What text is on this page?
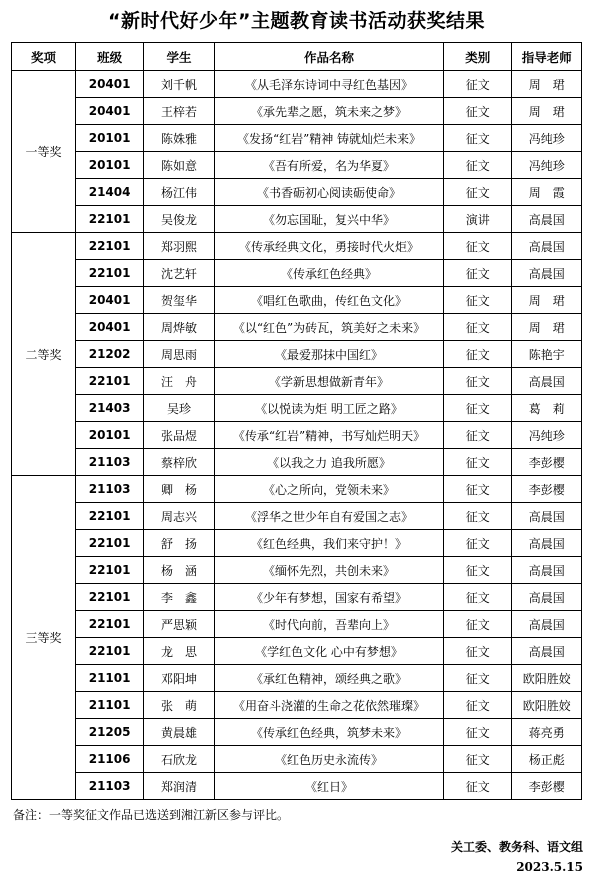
“新时代好少年”主题教育读书活动获奖结果
奖项	班级	学生	作品名称	类别	指导老师
一等奖	20401	刘千帆	《从毛泽东诗词中寻红色基因》	征文	周　珺
	20401	王梓若	《承先辈之愿，筑未来之梦》	征文	周　珺
	20101	陈姝雅	《发扬“红岩”精神 铸就灿烂未来》	征文	冯纯珍
	20101	陈如意	《吾有所爱，名为华夏》	征文	冯纯珍
	21404	杨江伟	《书香砺初心阅读砺使命》	征文	周　霞
	22101	吴俊龙	《勿忘国耻，复兴中华》	演讲	高晨国
二等奖	22101	郑羽熙	《传承经典文化，勇接时代火炬》	征文	高晨国
	22101	沈艺轩	《传承红色经典》	征文	高晨国
	20401	贺玺华	《唱红色歌曲，传红色文化》	征文	周　珺
	20401	周烨敏	《以“红色”为砖瓦，筑美好之未来》	征文	周　珺
	21202	周思雨	《最爱那抹中国红》	征文	陈艳宇
	22101	汪　舟	《学新思想做新青年》	征文	高晨国
	21403	吴珍	《以悦读为炬 明工匠之路》	征文	葛　莉
	20101	张品煜	《传承“红岩”精神，书写灿烂明天》	征文	冯纯珍
	21103	蔡梓欣	《以我之力 追我所愿》	征文	李彭樱
三等奖	21103	卿　杨	《心之所向，党领未来》	征文	李彭樱
	22101	周志兴	《浮华之世少年自有爱国之志》	征文	高晨国
	22101	舒　扬	《红色经典，我们来守护！》	征文	高晨国
	22101	杨　涵	《缅怀先烈，共创未来》	征文	高晨国
	22101	李　鑫	《少年有梦想，国家有希望》	征文	高晨国
	22101	严思颖	《时代向前，吾辈向上》	征文	高晨国
	22101	龙　思	《学红色文化 心中有梦想》	征文	高晨国
	21101	邓阳坤	《承红色精神，颂经典之歌》	征文	欧阳胜姣
	21101	张　萌	《用奋斗浇灌的生命之花依然璀璨》	征文	欧阳胜姣
	21205	黄晨雄	《传承红色经典，筑梦未来》	征文	蒋亮勇
	21106	石欣龙	《红色历史永流传》	征文	杨正彪
	21103	郑润清	《红日》	征文	李彭樱
备注：一等奖征文作品已选送到湘江新区参与评比。
关工委、教务科、语文组
2023.5.15
